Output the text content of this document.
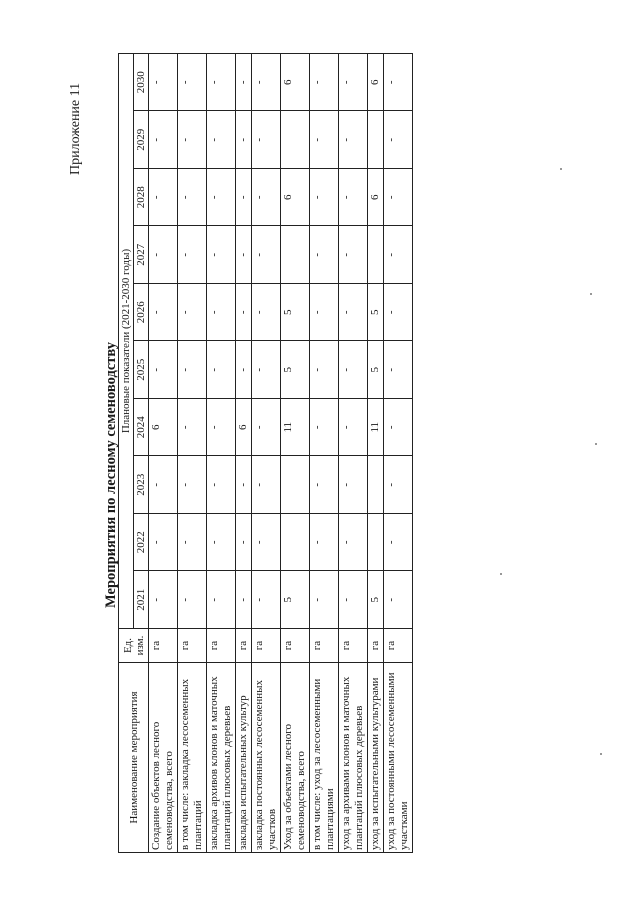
Приложение 11
Мероприятия по лесному семеноводству
Наименование мероприятия	Ед. изм.	Плановые показатели (2021-2030 годы)									
		2021	2022	2023	2024	2025	2026	2027	2028	2029	2030
Создание объектов лесного семеноводства, всего	га	-	-	-	6	-	-	-	-	-	-
в том числе: закладка лесосеменных плантаций	га	-	-	-	-	-	-	-	-	-	-
закладка архивов клонов и маточных плантаций плюсовых деревьев	га	-	-	-	-	-	-	-	-	-	-
закладка испытательных культур	га	-	-	-	6	-	-	-	-	-	-
закладка постоянных лесосеменных участков	га	-	-	-	-	-	-	-	-	-	-
Уход за объектами лесного семеноводства, всего	га	5			11	5	5		6		6
в том числе: уход за лесосеменными плантациями	га	-	-	-	-	-	-	-	-	-	-
уход за архивами клонов и маточных плантаций плюсовых деревьев	га	-	-	-	-	-	-	-	-	-	-
уход за испытательными культурами	га	5			11	5	5		6		6
уход за постоянными лесосеменными участками	га	-	-	-	-	-	-	-	-	-	-
